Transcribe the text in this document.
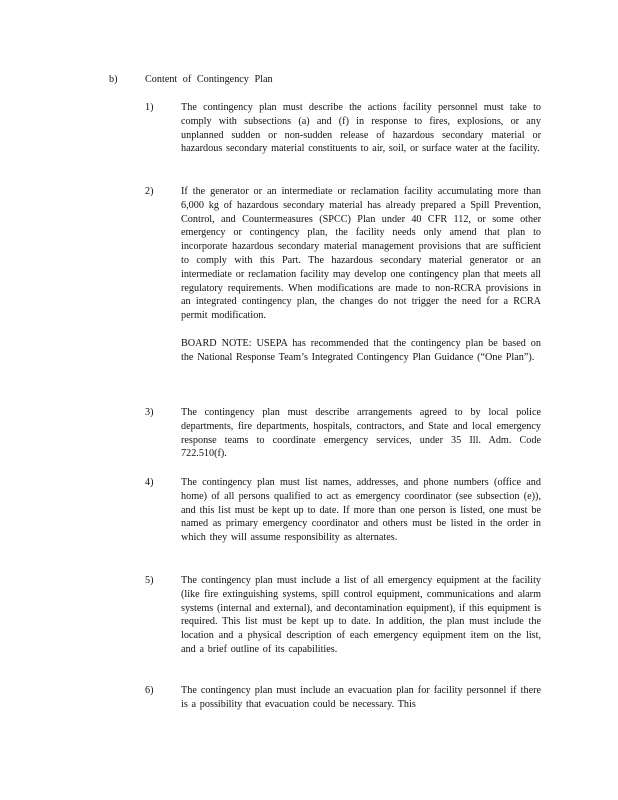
b)	Content of Contingency Plan
1)	The contingency plan must describe the actions facility personnel must take to comply with subsections (a) and (f) in response to fires, explosions, or any unplanned sudden or non-sudden release of hazardous secondary material or hazardous secondary material constituents to air, soil, or surface water at the facility.
2)	If the generator or an intermediate or reclamation facility accumulating more than 6,000 kg of hazardous secondary material has already prepared a Spill Prevention, Control, and Countermeasures (SPCC) Plan under 40 CFR 112, or some other emergency or contingency plan, the facility needs only amend that plan to incorporate hazardous secondary material management provisions that are sufficient to comply with this Part. The hazardous secondary material generator or an intermediate or reclamation facility may develop one contingency plan that meets all regulatory requirements. When modifications are made to non-RCRA provisions in an integrated contingency plan, the changes do not trigger the need for a RCRA permit modification.
BOARD NOTE: USEPA has recommended that the contingency plan be based on the National Response Team’s Integrated Contingency Plan Guidance (“One Plan”).
3)	The contingency plan must describe arrangements agreed to by local police departments, fire departments, hospitals, contractors, and State and local emergency response teams to coordinate emergency services, under 35 Ill. Adm. Code 722.510(f).
4)	The contingency plan must list names, addresses, and phone numbers (office and home) of all persons qualified to act as emergency coordinator (see subsection (e)), and this list must be kept up to date. If more than one person is listed, one must be named as primary emergency coordinator and others must be listed in the order in which they will assume responsibility as alternates.
5)	The contingency plan must include a list of all emergency equipment at the facility (like fire extinguishing systems, spill control equipment, communications and alarm systems (internal and external), and decontamination equipment), if this equipment is required. This list must be kept up to date. In addition, the plan must include the location and a physical description of each emergency equipment item on the list, and a brief outline of its capabilities.
6)	The contingency plan must include an evacuation plan for facility personnel if there is a possibility that evacuation could be necessary. This
